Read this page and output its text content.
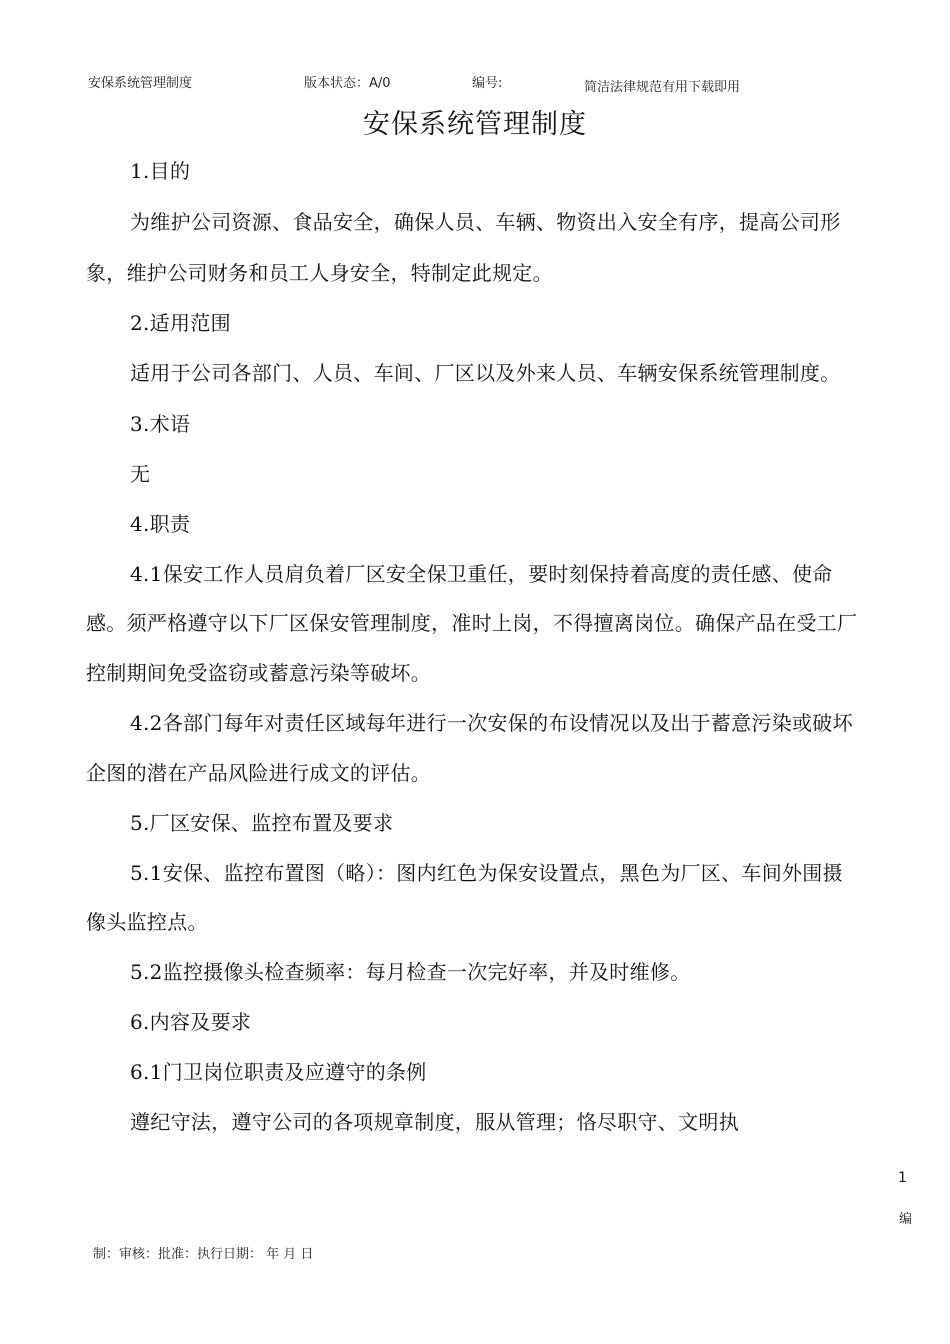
安保系统管理制度	版本状态：A/0	编号:	简洁法律规范有用下载即用
安保系统管理制度
1.目的
为维护公司资源、食品安全，确保人员、车辆、物资出入安全有序，提高公司形
象，维护公司财务和员工人身安全，特制定此规定。
2.适用范围
适用于公司各部门、人员、车间、厂区以及外来人员、车辆安保系统管理制度。
3.术语
无
4.职责
4.1保安工作人员肩负着厂区安全保卫重任，要时刻保持着高度的责任感、使命
感。须严格遵守以下厂区保安管理制度，准时上岗，不得擅离岗位。确保产品在受工厂
控制期间免受盗窃或蓄意污染等破坏。
4.2各部门每年对责任区域每年进行一次安保的布设情况以及出于蓄意污染或破坏
企图的潜在产品风险进行成文的评估。
5.厂区安保、监控布置及要求
5.1安保、监控布置图（略）：图内红色为保安设置点，黑色为厂区、车间外围摄
像头监控点。
5.2监控摄像头检查频率：每月检查一次完好率，并及时维修。
6.内容及要求
6.1门卫岗位职责及应遵守的条例
遵纪守法，遵守公司的各项规章制度，服从管理；恪尽职守、文明执
1
编
制：审核：批准：执行日期： 年 月 日
